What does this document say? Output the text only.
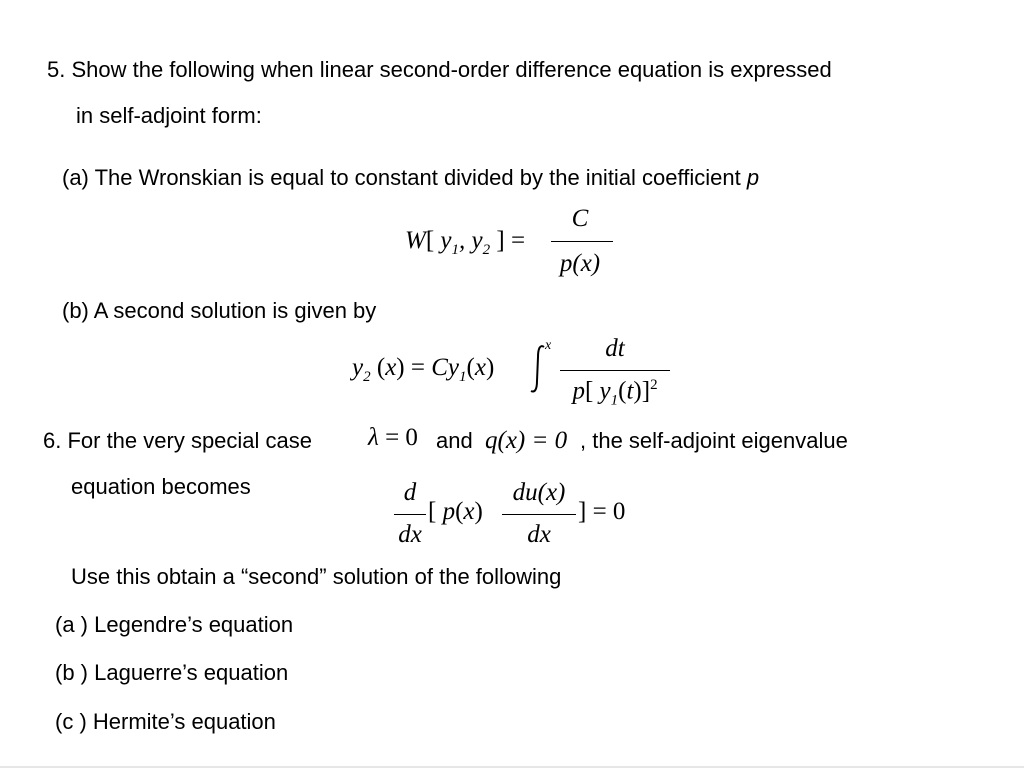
5. Show the following when linear second-order difference equation is expressed
in self-adjoint form:
(a) The Wronskian is equal to constant divided by the initial coefficient p
W[ $y_1$, $y_2$ ] =
C
p(x)
(b) A second solution is given by
$y_2$ $(x) = Cy_1(x)$
x	dt
p[ $y_1(t)]^2$
6. For the very special case λ = 0 and q(x) = 0 , the self-adjoint eigenvalue
equation becomes	d
dx
[ p(x)
du(x)
dx
] = 0
Use this obtain a “second” solution of the following
(a ) Legendre’s equation
(b ) Laguerre’s equation
(c ) Hermite’s equation
